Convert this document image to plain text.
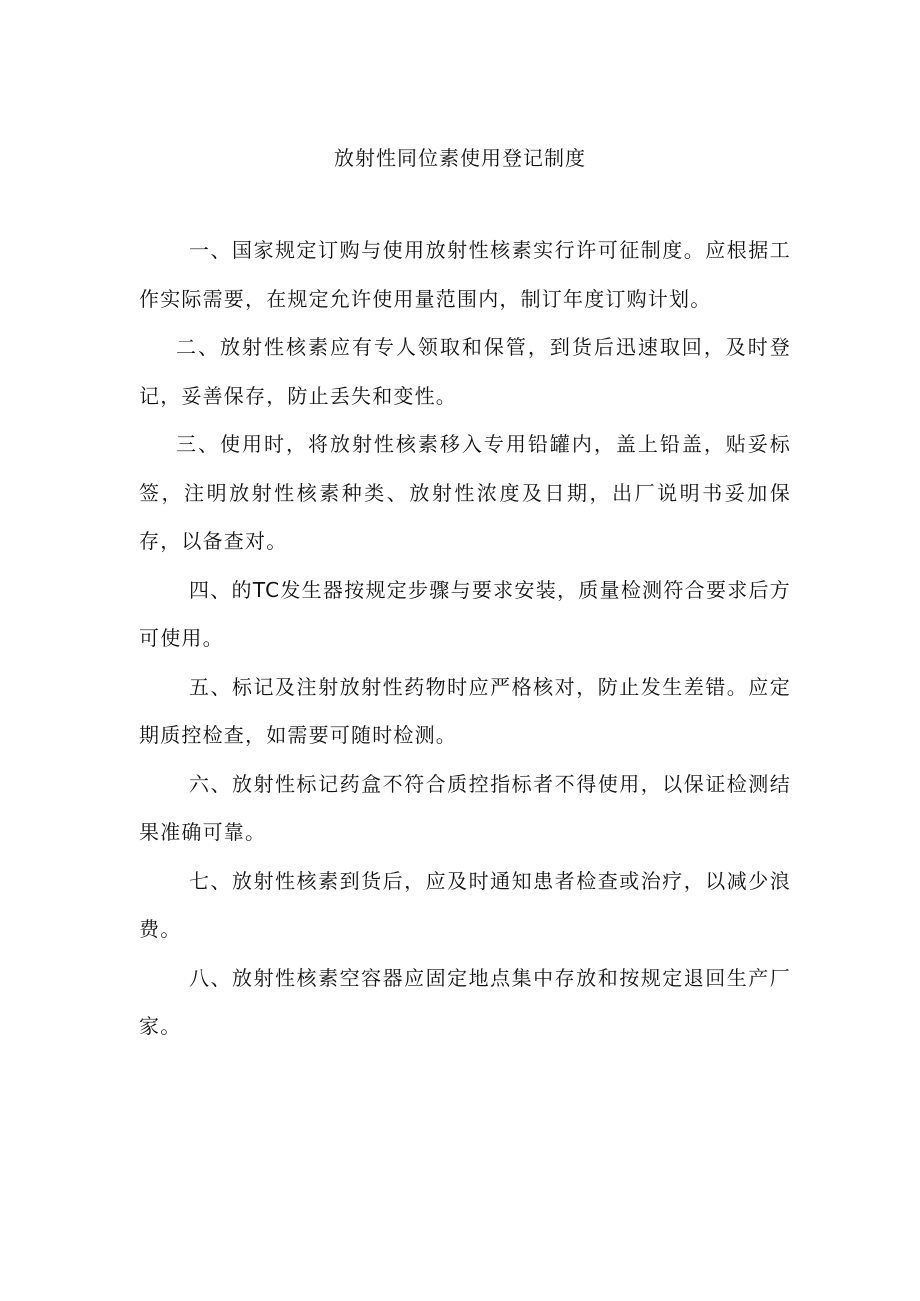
放射性同位素使用登记制度

一、国家规定订购与使用放射性核素实行许可征制度。应根据工作实际需要，在规定允许使用量范围内，制订年度订购计划。

二、放射性核素应有专人领取和保管，到货后迅速取回，及时登记，妥善保存，防止丢失和变性。

三、使用时，将放射性核素移入专用铅罐内，盖上铅盖，贴妥标签，注明放射性核素种类、放射性浓度及日期，出厂说明书妥加保存，以备查对。

四、的TC发生器按规定步骤与要求安装，质量检测符合要求后方可使用。

五、标记及注射放射性药物时应严格核对，防止发生差错。应定期质控检查，如需要可随时检测。

六、放射性标记药盒不符合质控指标者不得使用，以保证检测结果准确可靠。

七、放射性核素到货后，应及时通知患者检查或治疗，以减少浪费。

八、放射性核素空容器应固定地点集中存放和按规定退回生产厂家。
